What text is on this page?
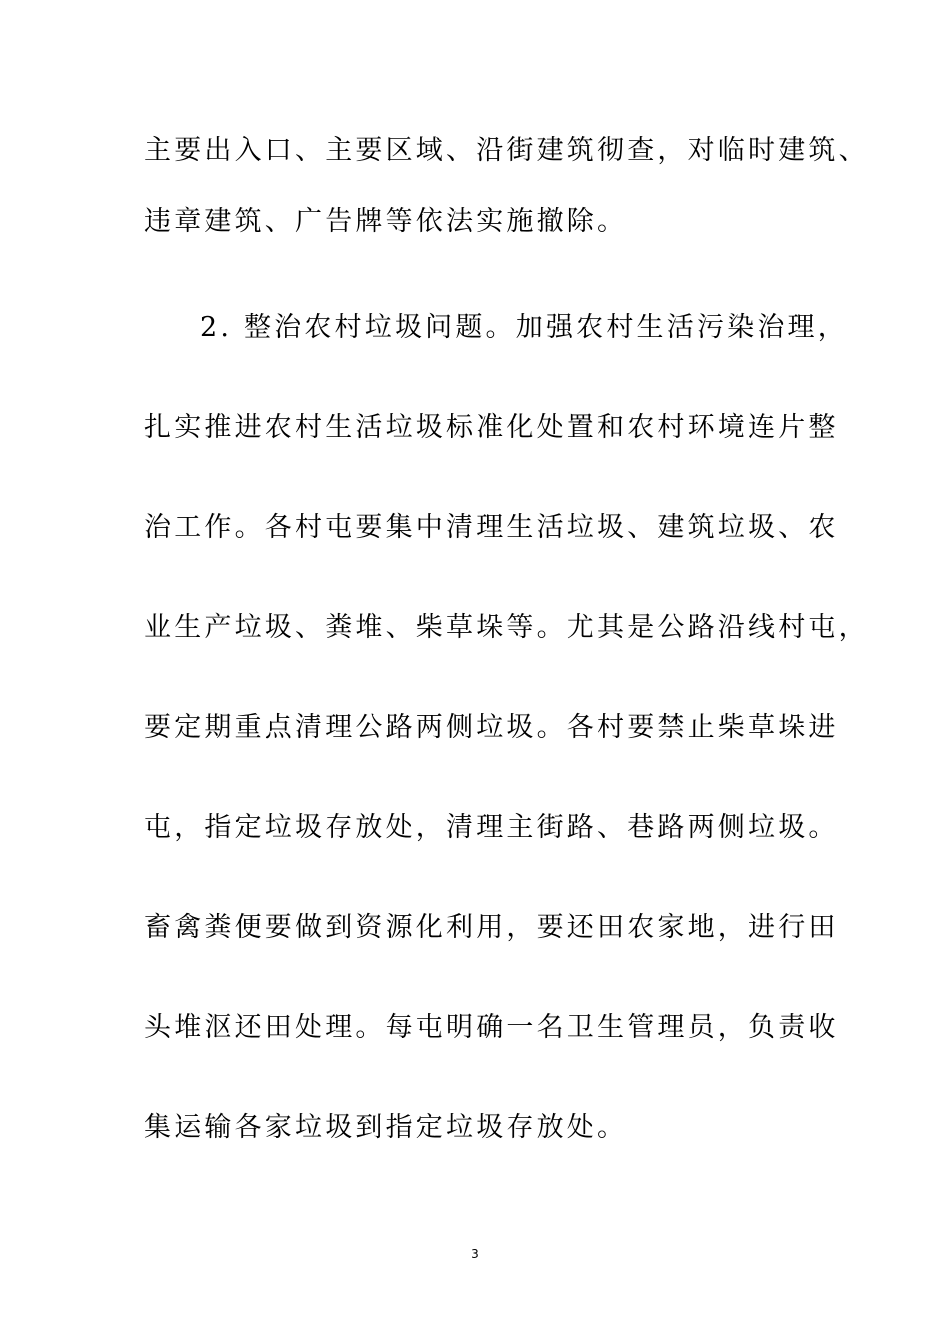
主要出入口、主要区域、沿街建筑彻查，对临时建筑、
违章建筑、广告牌等依法实施撤除。
2. 整治农村垃圾问题。加强农村生活污染治理，
扎实推进农村生活垃圾标准化处置和农村环境连片整
治工作。各村屯要集中清理生活垃圾、建筑垃圾、农
业生产垃圾、粪堆、柴草垛等。尤其是公路沿线村屯，
要定期重点清理公路两侧垃圾。各村要禁止柴草垛进
屯，指定垃圾存放处，清理主街路、巷路两侧垃圾。
畜禽粪便要做到资源化利用，要还田农家地，进行田
头堆沤还田处理。每屯明确一名卫生管理员，负责收
集运输各家垃圾到指定垃圾存放处。
3
